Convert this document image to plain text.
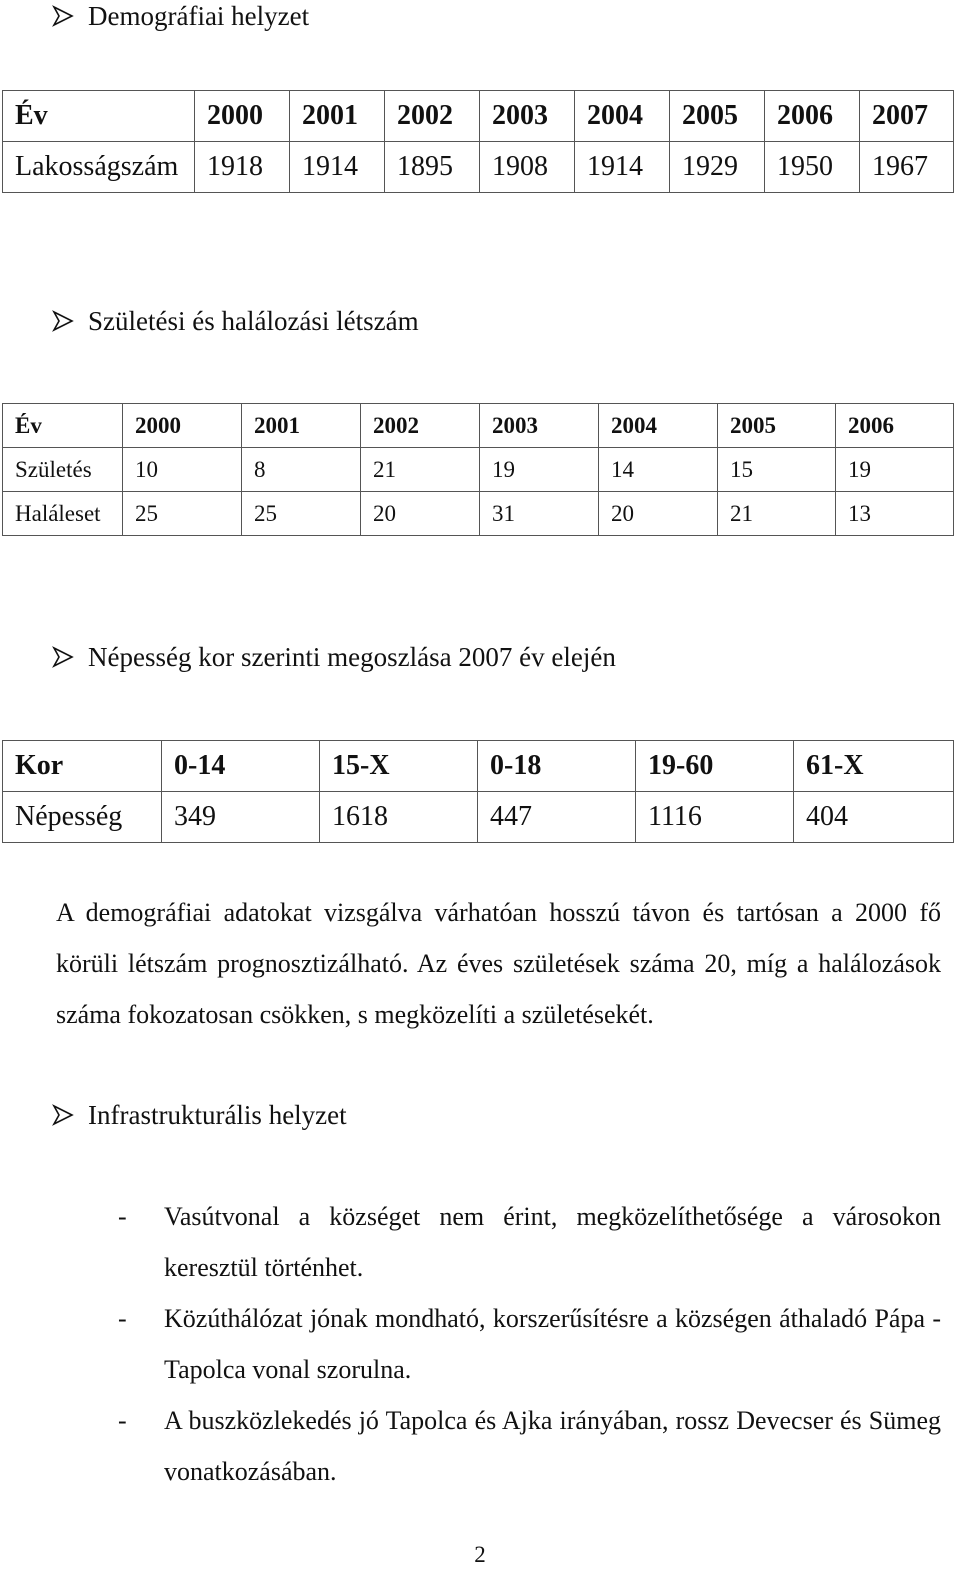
Demográfiai helyzet
Év	2000	2001	2002	2003	2004	2005	2006	2007
Lakosságszám	1918	1914	1895	1908	1914	1929	1950	1967
Születési és halálozási létszám
Év	2000	2001	2002	2003	2004	2005	2006
Születés	10	8	21	19	14	15	19
Haláleset	25	25	20	31	20	21	13
Népesség kor szerinti megoszlása 2007 év elején
Kor	0-14	15-X	0-18	19-60	61-X
Népesség	349	1618	447	1116	404
A demográfiai adatokat vizsgálva várhatóan hosszú távon és tartósan a 2000 fő körüli létszám prognosztizálható. Az éves születések száma 20, míg a halálozások száma fokozatosan csökken, s megközelíti a születésekét.
Infrastrukturális helyzet
-	Vasútvonal a községet nem érint, megközelíthetősége a városokon keresztül történhet.
-	Közúthálózat jónak mondható, korszerűsítésre a községen áthaladó Pápa - Tapolca vonal szorulna.
-	A buszközlekedés jó Tapolca és Ajka irányában, rossz Devecser és Sümeg vonatkozásában.
2
